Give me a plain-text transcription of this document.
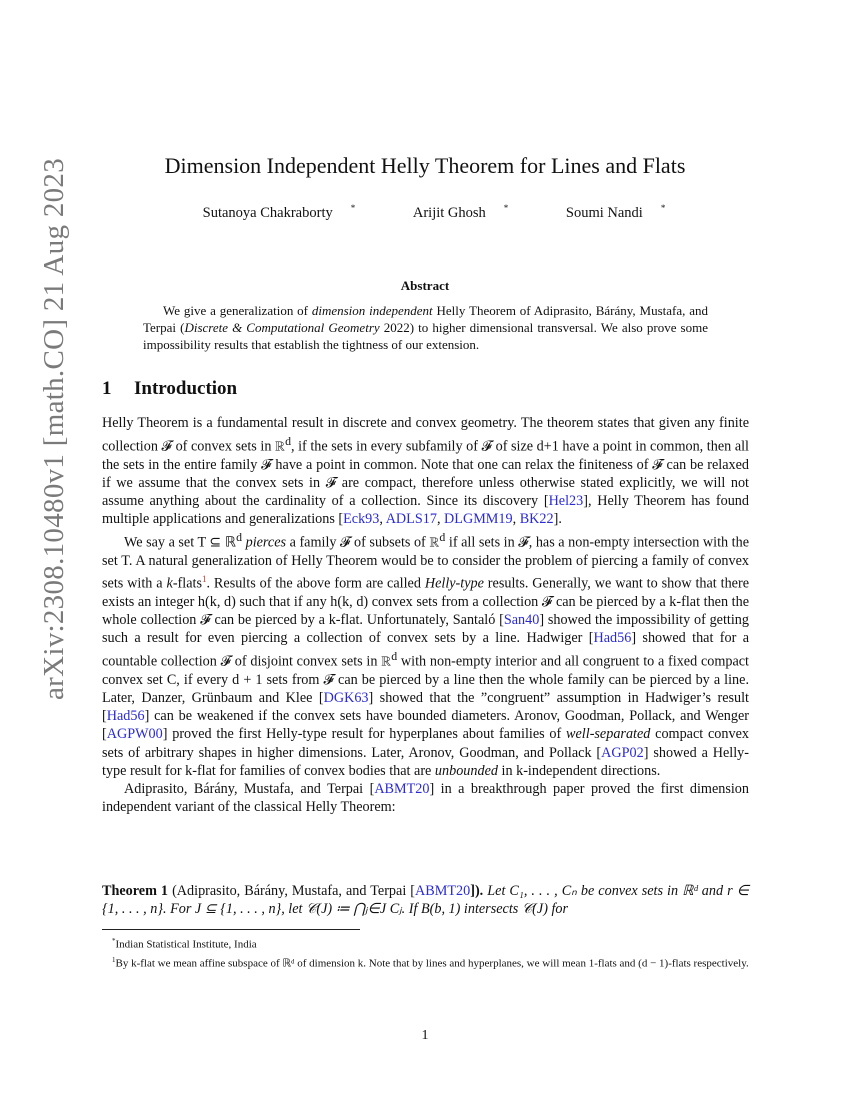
arXiv:2308.10480v1 [math.CO] 21 Aug 2023	Dimension Independent Helly Theorem for Lines and Flats
Sutanoya Chakraborty *	Arijit Ghosh *	Soumi Nandi *
Abstract
We give a generalization of dimension independent Helly Theorem of Adiprasito, Bárány, Mustafa, and Terpai (Discrete & Computational Geometry 2022) to higher dimensional transversal. We also prove some impossibility results that establish the tightness of our extension.
1 Introduction

Helly Theorem is a fundamental result in discrete and convex geometry. The theorem states that given any finite collection 𝓕 of convex sets in ℝ$^d$, if the sets in every subfamily of 𝓕 of size d+1 have a point in common, then all the sets in the entire family 𝓕 have a point in common. Note that one can relax the finiteness of 𝓕 can be relaxed if we assume that the convex sets in 𝓕 are compact, therefore unless otherwise stated explicitly, we will not assume anything about the cardinality of a collection. Since its discovery [Hel23], Helly Theorem has found multiple applications and generalizations [Eck93, ADLS17, DLGMM19, BK22].

We say a set T ⊆ ℝ$^d$ pierces a family 𝓕 of subsets of ℝ$^d$ if all sets in 𝓕, has a non-empty intersection with the set T. A natural generalization of Helly Theorem would be to consider the problem of piercing a family of convex sets with a k-flats$^1$. Results of the above form are called Helly-type results. Generally, we want to show that there exists an integer h(k, d) such that if any h(k, d) convex sets from a collection 𝓕 can be pierced by a k-flat then the whole collection 𝓕 can be pierced by a k-flat. Unfortunately, Santaló [San40] showed the impossibility of getting such a result for even piercing a collection of convex sets by a line. Hadwiger [Had56] showed that for a countable collection 𝓕 of disjoint convex sets in ℝ$^d$ with non-empty interior and all congruent to a fixed compact convex set C, if every d + 1 sets from 𝓕 can be pierced by a line then the whole family can be pierced by a line. Later, Danzer, Grünbaum and Klee [DGK63] showed that the ”congruent” assumption in Hadwiger’s result [Had56] can be weakened if the convex sets have bounded diameters. Aronov, Goodman, Pollack, and Wenger [AGPW00] proved the first Helly-type result for hyperplanes about families of well-separated compact convex sets of arbitrary shapes in higher dimensions. Later, Aronov, Goodman, and Pollack [AGP02] showed a Helly-type result for k-flat for families of convex bodies that are unbounded in k-independent directions.

Adiprasito, Bárány, Mustafa, and Terpai [ABMT20] in a breakthrough paper proved the first dimension independent variant of the classical Helly Theorem:

Theorem 1 (Adiprasito, Bárány, Mustafa, and Terpai [ABMT20]). Let C₁, . . . , Cₙ be convex sets in ℝᵈ and r ∈ {1, . . . , n}. For J ⊆ {1, . . . , n}, let 𝒞(J) ≔ ⋂ⱼ∈J Cⱼ. If B(b, 1) intersects 𝒞(J) for

*Indian Statistical Institute, India

$^1$By k-flat we mean affine subspace of ℝᵈ of dimension k. Note that by lines and hyperplanes, we will mean 1-flats and (d − 1)-flats respectively.

1
